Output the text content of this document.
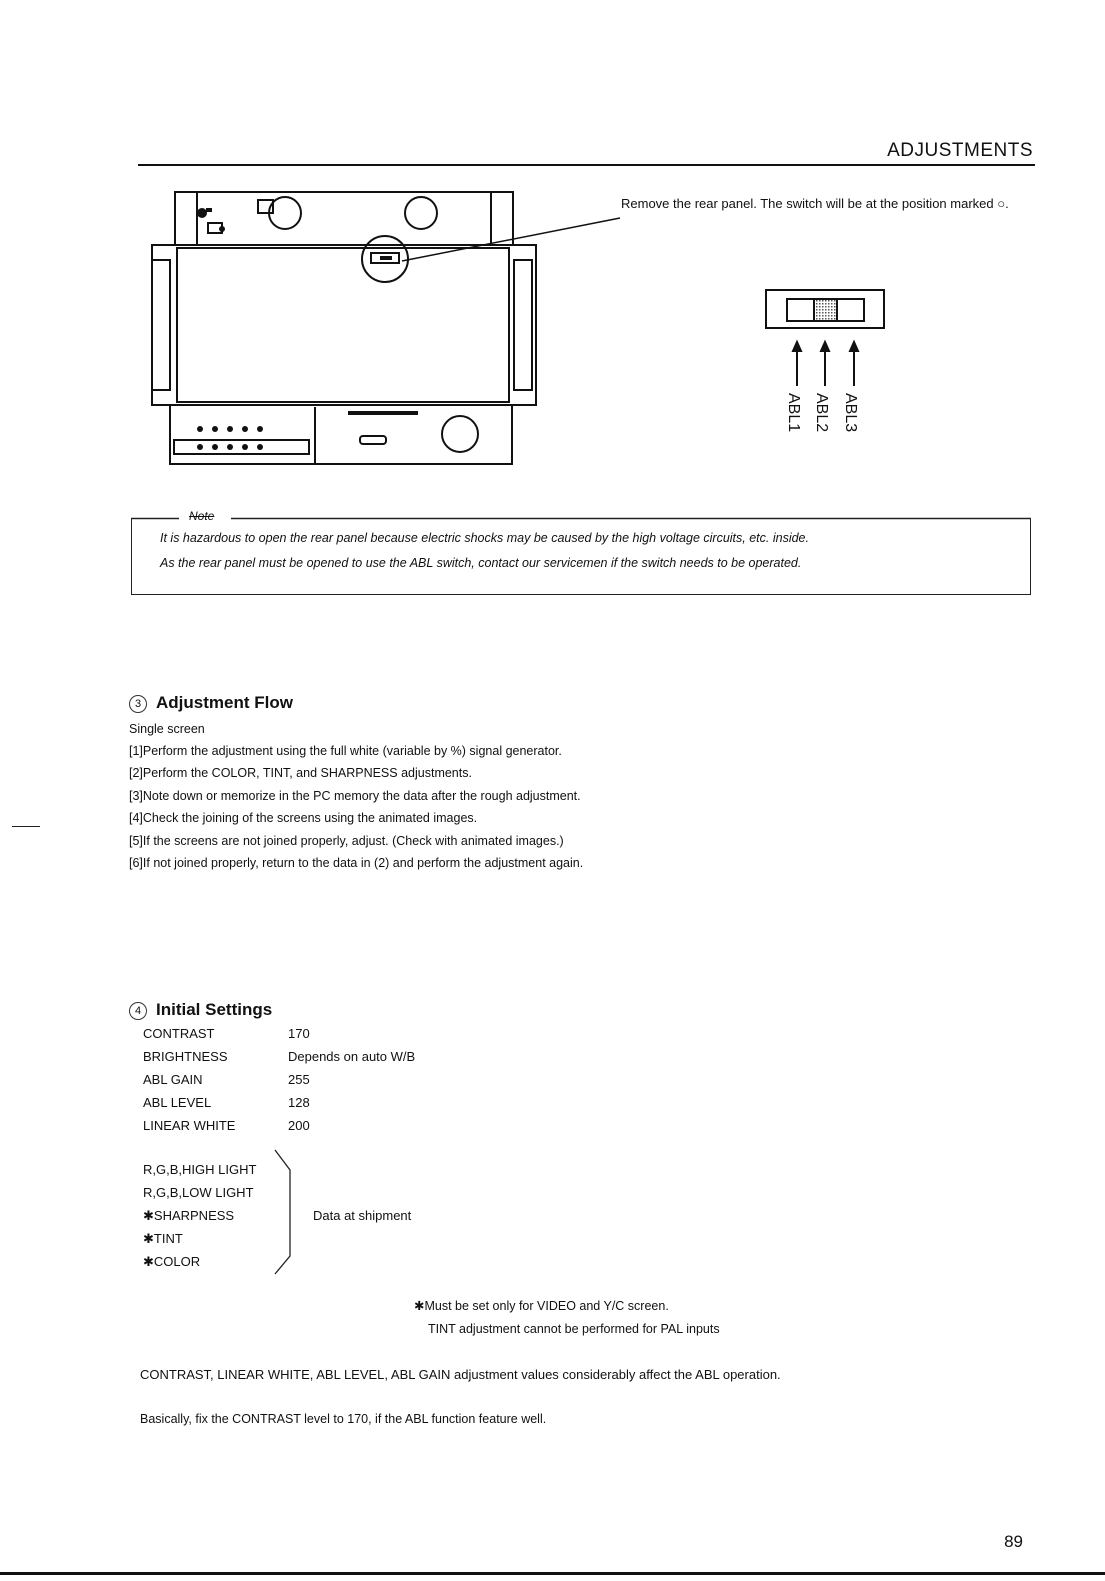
ADJUSTMENTS
Remove the rear panel. The switch will be at the position marked ○.
ABL1 ABL2 ABL3
Note
It is hazardous to open the rear panel because electric shocks may be caused by the high voltage circuits, etc. inside.
As the rear panel must be opened to use the ABL switch, contact our servicemen if the switch needs to be operated.
3 Adjustment Flow
Single screen
[1]Perform the adjustment using the full white (variable by %) signal generator.
[2]Perform the COLOR, TINT, and SHARPNESS adjustments.
[3]Note down or memorize in the PC memory the data after the rough adjustment.
[4]Check the joining of the screens using the animated images.
[5]If the screens are not joined properly, adjust. (Check with animated images.)
[6]If not joined properly, return to the data in (2) and perform the adjustment again.
4 Initial Settings
CONTRAST	170
BRIGHTNESS	Depends on auto W/B
ABL GAIN	255
ABL LEVEL	128
LINEAR WHITE	200
R,G,B,HIGH LIGHT
R,G,B,LOW LIGHT
✱SHARPNESS
✱TINT
✱COLOR
Data at shipment
✱Must be set only for VIDEO and Y/C screen.
TINT adjustment cannot be performed for PAL inputs
CONTRAST, LINEAR WHITE, ABL LEVEL, ABL GAIN adjustment values considerably affect the ABL operation.
Basically, fix the CONTRAST level to 170, if the ABL function feature well.
89
